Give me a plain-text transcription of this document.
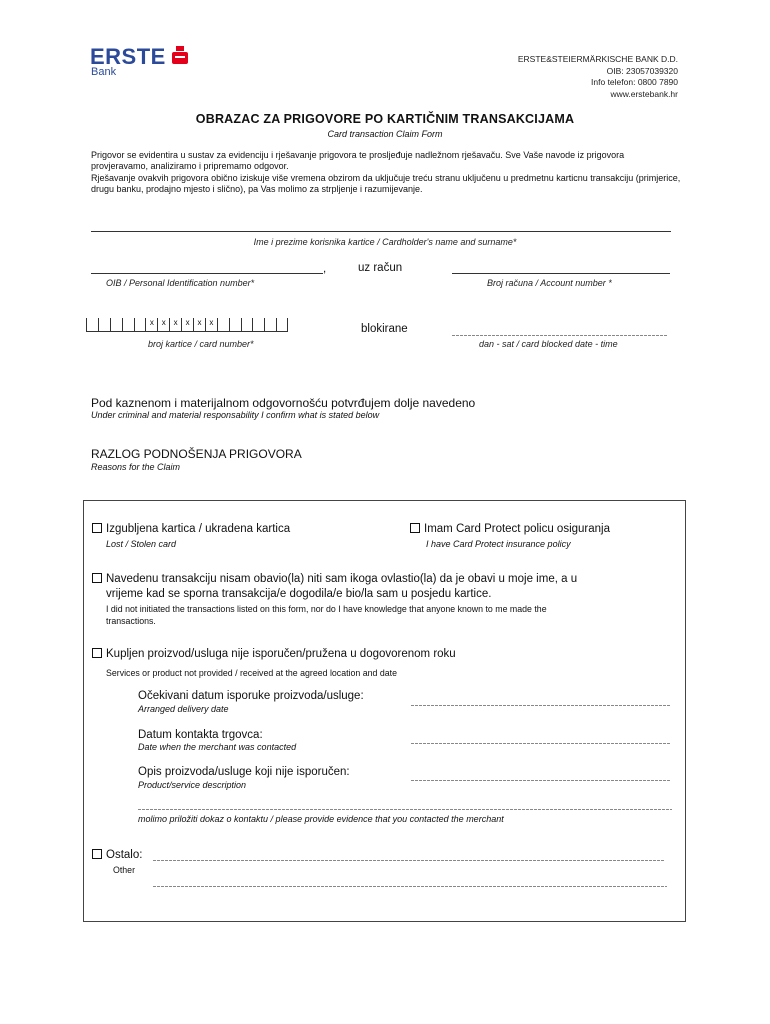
ERSTE
Bank
ERSTE&STEIERMÄRKISCHE BANK D.D.
OIB: 23057039320
Info telefon: 0800 7890
www.erstebank.hr
OBRAZAC ZA PRIGOVORE PO KARTIČNIM TRANSAKCIJAMA
Card transaction Claim Form

Prigovor se evidentira u sustav za evidenciju i rješavanje prigovora te prosljeđuje nadležnom rješavaču. Sve Vaše navode iz prigovora provjeravamo, analiziramo i pripremamo odgovor.

Rješavanje ovakvih prigovora obično iziskuje više vremena obzirom da uključuje treću stranu uključenu u predmetnu karticnu transakciju (primjerice, drugu banku, prodajno mjesto i slično), pa Vas molimo za strpljenje i razumijevanje.

Ime i prezime korisnika kartice / Cardholder's name and surname*
,	uz račun
OIB / Personal Identification number*	Broj računa / Account number *
x x x x x x
blokirane
broj kartice / card number*	dan - sat / card blocked date - time
Pod kaznenom i materijalnom odgovornošću potvrđujem dolje navedeno
Under criminal and material responsability I confirm what is stated below
RAZLOG PODNOŠENJA PRIGOVORA
Reasons for the Claim
Izgubljena kartica / ukradena kartica
Lost / Stolen card
Imam Card Protect policu osiguranja
I have Card Protect insurance policy
Navedenu transakciju nisam obavio(la) niti sam ikoga ovlastio(la) da je obavi u moje ime, a u
vrijeme kad se sporna transakcija/e dogodila/e bio/la sam u posjedu kartice.
I did not initiated the transactions listed on this form, nor do I have knowledge that anyone known to me made the
transactions.
Kupljen proizvod/usluga nije isporučen/pružena u dogovorenom roku
Services or product not provided / received at the agreed location and date
Očekivani datum isporuke proizvoda/usluge:
Arranged delivery date
Datum kontakta trgovca:
Date when the merchant was contacted
Opis proizvoda/usluge koji nije isporučen:
Product/service description
molimo priložiti dokaz o kontaktu / please provide evidence that you contacted the merchant
Ostalo:
Other
